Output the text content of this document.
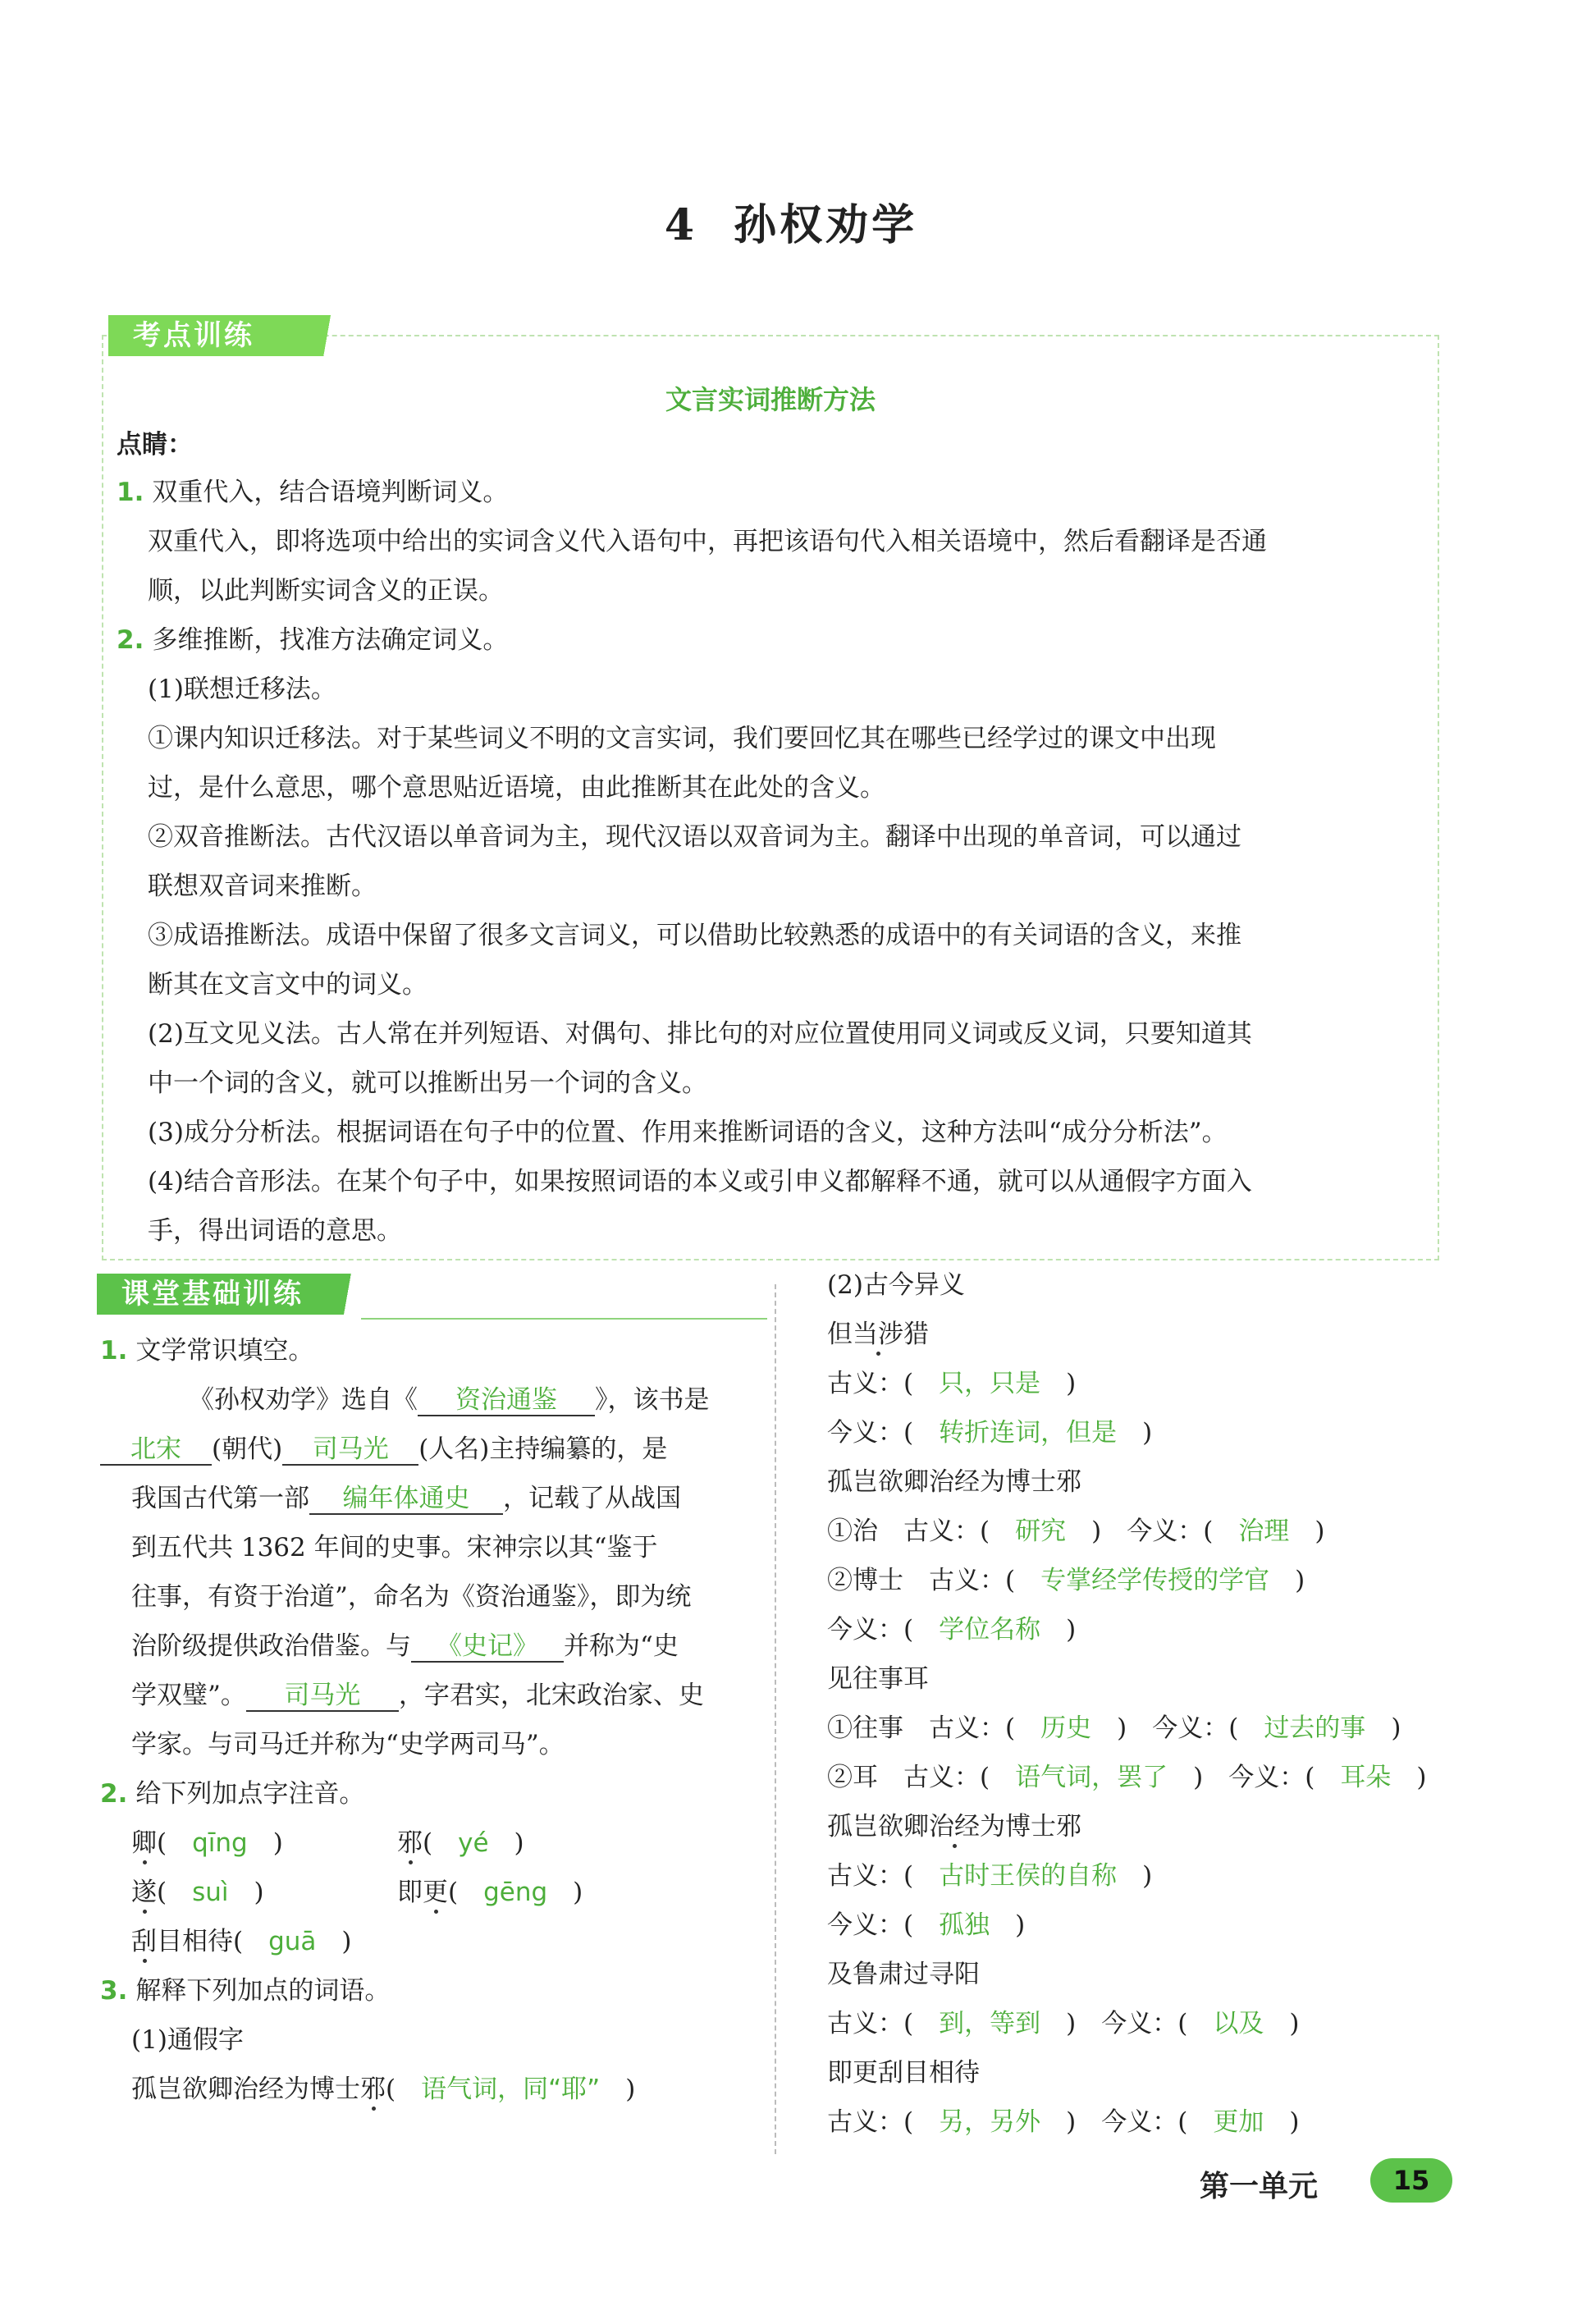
4 孙权劝学
考点训练
文言实词推断方法
点睛：
1. 双重代入，结合语境判断词义。
双重代入，即将选项中给出的实词含义代入语句中，再把该语句代入相关语境中，然后看翻译是否通
顺，以此判断实词含义的正误。
2. 多维推断，找准方法确定词义。
(1)联想迁移法。
①课内知识迁移法。对于某些词义不明的文言实词，我们要回忆其在哪些已经学过的课文中出现
过，是什么意思，哪个意思贴近语境，由此推断其在此处的含义。
②双音推断法。古代汉语以单音词为主，现代汉语以双音词为主。翻译中出现的单音词，可以通过
联想双音词来推断。
③成语推断法。成语中保留了很多文言词义，可以借助比较熟悉的成语中的有关词语的含义，来推
断其在文言文中的词义。
(2)互文见义法。古人常在并列短语、对偶句、排比句的对应位置使用同义词或反义词，只要知道其
中一个词的含义，就可以推断出另一个词的含义。
(3)成分分析法。根据词语在句子中的位置、作用来推断词语的含义，这种方法叫“成分分析法”。
(4)结合音形法。在某个句子中，如果按照词语的本义或引申义都解释不通，就可以从通假字方面入
手，得出词语的意思。
课堂基础训练
1. 文学常识填空。
《孙权劝学》选自《 资治通鉴 》，该书是
北宋 (朝代) 司马光 (人名)主持编纂的，是
我国古代第一部 编年体通史 ，记载了从战国
到五代共 1362 年间的史事。宋神宗以其“鉴于
往事，有资于治道”，命名为《资治通鉴》，即为统
治阶级提供政治借鉴。与 《史记》 并称为“史
学双璧”。 司马光 ，字君实，北宋政治家、史
学家。与司马迁并称为“史学两司马”。
2. 给下列加点字注音。
卿(　qīng　)	邪(　yé　)
遂(　suì　)	即更(　gēng　)
刮目相待(　guā　)
3. 解释下列加点的词语。
(1)通假字
孤岂欲卿治经为博士邪(　语气词，同“耶”　)
(2)古今异义
但当涉猎
古义：(　 只，只是　 )
今义：(　 转折连词，但是　 )
孤岂欲卿治经为博士邪
①治　古义：(　 研究　 )　 今义：(　 治理　 )
②博士　古义：(　 专掌经学传授的学官　 )
今义：(　 学位名称　 )
见往事耳
①往事　古义：(　 历史　 )　 今义：(　 过去的事　 )
②耳　古义：(　 语气词，罢了　 )　 今义：(　 耳朵　 )
孤岂欲卿治经为博士邪
古义：(　 古时王侯的自称　 )
今义：(　 孤独　 )
及鲁肃过寻阳
古义：(　 到，等到　 )　 今义：(　 以及　 )
即更刮目相待
古义：(　 另，另外　 )　 今义：(　 更加　 )
第一单元	15
